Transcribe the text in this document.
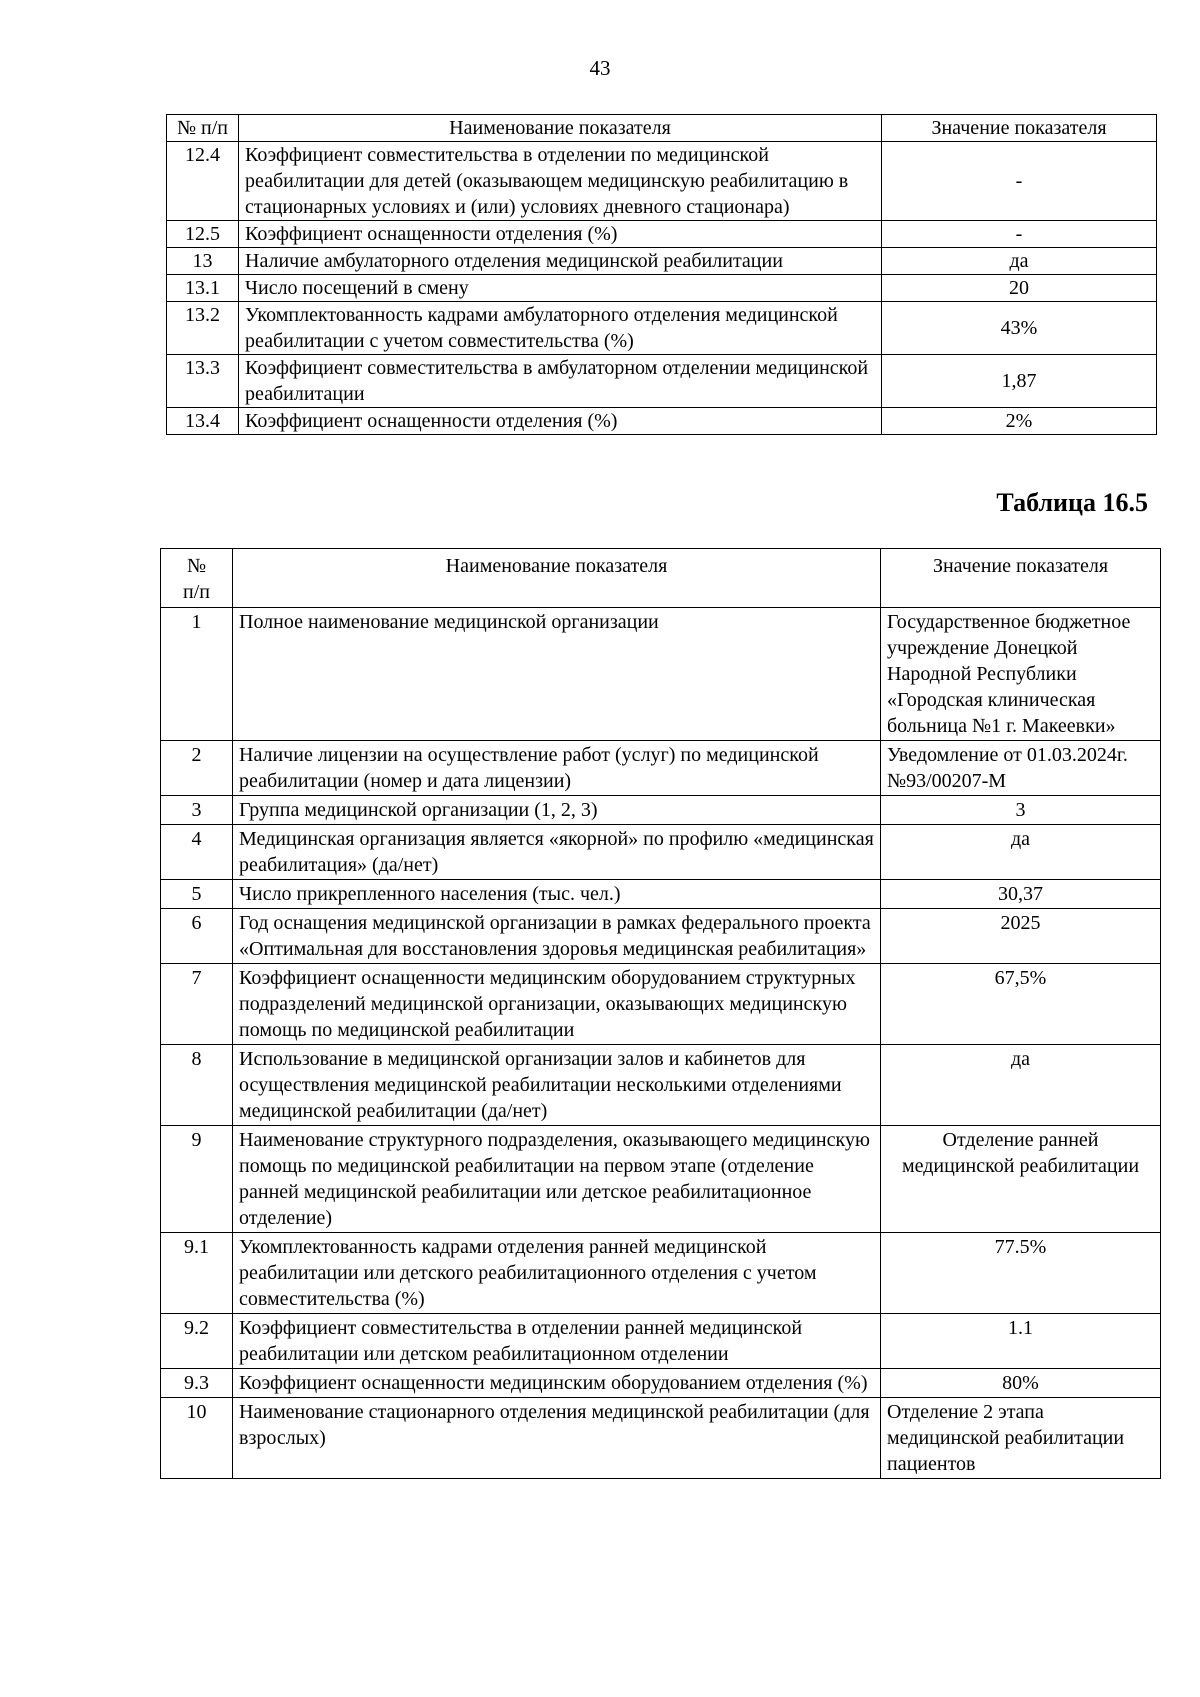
43
№ п/п	Наименование показателя	Значение показателя
12.4	Коэффициент совместительства в отделении по медицинской реабилитации для детей (оказывающем медицинскую реабилитацию в стационарных условиях и (или) условиях дневного стационара)	-
12.5	Коэффициент оснащенности отделения (%)	-
13	Наличие амбулаторного отделения медицинской реабилитации	да
13.1	Число посещений в смену	20
13.2	Укомплектованность кадрами амбулаторного отделения медицинской реабилитации с учетом совместительства (%)	43%
13.3	Коэффициент совместительства в амбулаторном отделении медицинской реабилитации	1,87
13.4	Коэффициент оснащенности отделения (%)	2%
Таблица 16.5
№ п/п	Наименование показателя	Значение показателя
1	Полное наименование медицинской организации	Государственное бюджетное учреждение Донецкой Народной Республики «Городская клиническая больница №1 г. Макеевки»
2	Наличие лицензии на осуществление работ (услуг) по медицинской реабилитации (номер и дата лицензии)	Уведомление от 01.03.2024г. №93/00207-М
3	Группа медицинской организации (1, 2, 3)	3
4	Медицинская организация является «якорной» по профилю «медицинская реабилитация» (да/нет)	да
5	Число прикрепленного населения (тыс. чел.)	30,37
6	Год оснащения медицинской организации в рамках федерального проекта «Оптимальная для восстановления здоровья медицинская реабилитация»	2025
7	Коэффициент оснащенности медицинским оборудованием структурных подразделений медицинской организации, оказывающих медицинскую помощь по медицинской реабилитации	67,5%
8	Использование в медицинской организации залов и кабинетов для осуществления медицинской реабилитации несколькими отделениями медицинской реабилитации (да/нет)	да
9	Наименование структурного подразделения, оказывающего медицинскую помощь по медицинской реабилитации на первом этапе (отделение ранней медицинской реабилитации или детское реабилитационное отделение)	Отделение ранней медицинской реабилитации
9.1	Укомплектованность кадрами отделения ранней медицинской реабилитации или детского реабилитационного отделения с учетом совместительства (%)	77.5%
9.2	Коэффициент совместительства в отделении ранней медицинской реабилитации или детском реабилитационном отделении	1.1
9.3	Коэффициент оснащенности медицинским оборудованием отделения (%)	80%
10	Наименование стационарного отделения медицинской реабилитации (для взрослых)	Отделение 2 этапа медицинской реабилитации пациентов
